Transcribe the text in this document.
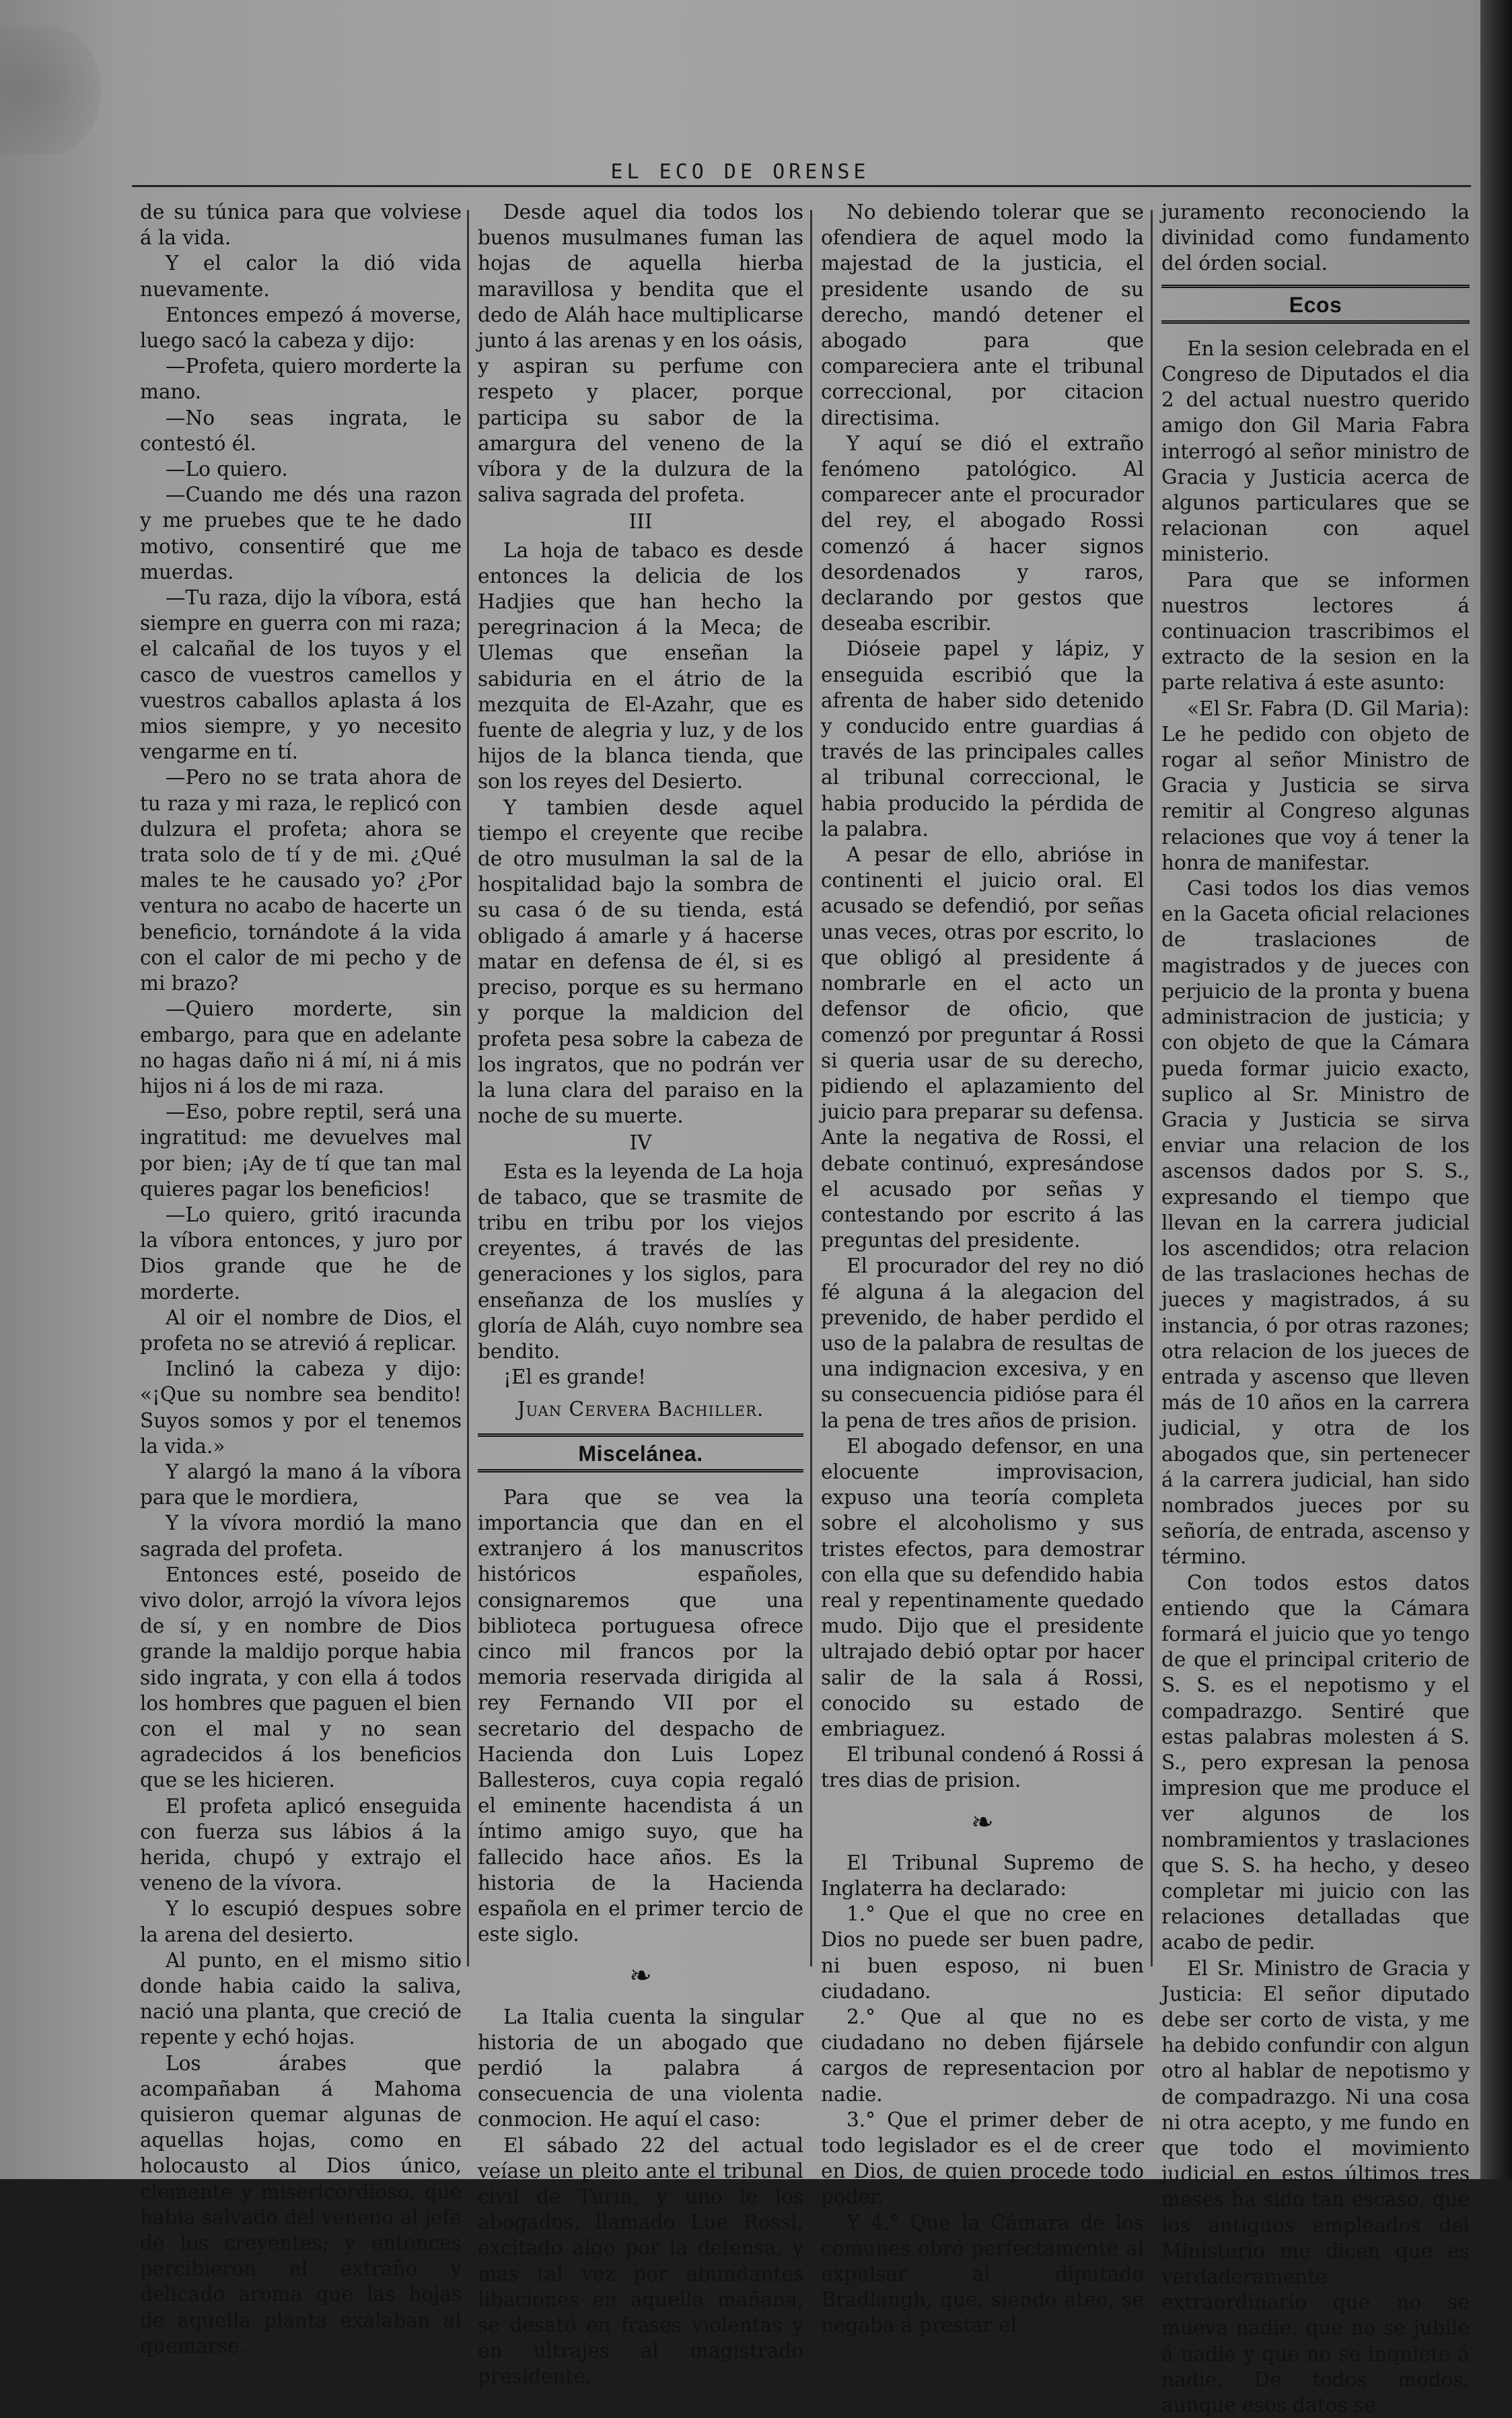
EL ECO DE ORENSE

de su túnica para que volviese á la vida.

Y el calor la dió vida nuevamente.

Entonces empezó á moverse, luego sacó la cabeza y dijo:

—Profeta, quiero morderte la mano.

—No seas ingrata, le contestó él.

—Lo quiero.

—Cuando me dés una razon y me pruebes que te he dado motivo, consentiré que me muerdas.

—Tu raza, dijo la víbora, está siempre en guerra con mi raza; el calcañal de los tuyos y el casco de vuestros camellos y vuestros caballos aplasta á los mios siempre, y yo necesito vengarme en tí.

—Pero no se trata ahora de tu raza y mi raza, le replicó con dulzura el profeta; ahora se trata solo de tí y de mi. ¿Qué males te he causado yo? ¿Por ventura no acabo de hacerte un beneficio, tornándote á la vida con el calor de mi pecho y de mi brazo?

—Quiero morderte, sin embargo, para que en adelante no hagas daño ni á mí, ni á mis hijos ni á los de mi raza.

—Eso, pobre reptil, será una ingratitud: me devuelves mal por bien; ¡Ay de tí que tan mal quieres pagar los beneficios!

—Lo quiero, gritó iracunda la víbora entonces, y juro por Dios grande que he de morderte.

Al oir el nombre de Dios, el profeta no se atrevió á replicar.

Inclinó la cabeza y dijo: «¡Que su nombre sea bendito! Suyos somos y por el tenemos la vida.»

Y alargó la mano á la víbora para que le mordiera,

Y la vívora mordió la mano sagrada del profeta.

Entonces esté, poseido de vivo dolor, arrojó la vívora lejos de sí, y en nombre de Dios grande la maldijo porque habia sido ingrata, y con ella á todos los hombres que paguen el bien con el mal y no sean agradecidos á los beneficios que se les hicieren.

El profeta aplicó enseguida con fuerza sus lábios á la herida, chupó y extrajo el veneno de la vívora.

Y lo escupió despues sobre la arena del desierto.

Al punto, en el mismo sitio donde habia caido la saliva, nació una planta, que creció de repente y echó hojas.

Los árabes que acompañaban á Mahoma quisieron quemar algunas de aquellas hojas, como en holocausto al Dios único, clemente y misericordioso, que habia salvado del veneno al jefe de los creyentes; y entonces percibieron el extraño y delicado aroma que las hojas de aquella planta exalaban al quemarse.

Desde aquel dia todos los buenos musulmanes fuman las hojas de aquella hierba maravillosa y bendita que el dedo de Aláh hace multiplicarse junto á las arenas y en los oásis, y aspiran su perfume con respeto y placer, porque participa su sabor de la amargura del veneno de la víbora y de la dulzura de la saliva sagrada del profeta.

III

La hoja de tabaco es desde entonces la delicia de los Hadjies que han hecho la peregrinacion á la Meca; de Ulemas que enseñan la sabiduria en el átrio de la mezquita de El-Azahr, que es fuente de alegria y luz, y de los hijos de la blanca tienda, que son los reyes del Desierto.

Y tambien desde aquel tiempo el creyente que recibe de otro musulman la sal de la hospitalidad bajo la sombra de su casa ó de su tienda, está obligado á amarle y á hacerse matar en defensa de él, si es preciso, porque es su hermano y porque la maldicion del profeta pesa sobre la cabeza de los ingratos, que no podrán ver la luna clara del paraiso en la noche de su muerte.

IV

Esta es la leyenda de La hoja de tabaco, que se trasmite de tribu en tribu por los viejos creyentes, á través de las generaciones y los siglos, para enseñanza de los muslíes y gloría de Aláh, cuyo nombre sea bendito.

¡El es grande!

Juan Cervera Bachiller.

Miscelánea.

Para que se vea la importancia que dan en el extranjero á los manuscritos históricos españoles, consignaremos que una biblioteca portuguesa ofrece cinco mil francos por la memoria reservada dirigida al rey Fernando VII por el secretario del despacho de Hacienda don Luis Lopez Ballesteros, cuya copia regaló el eminente hacendista á un íntimo amigo suyo, que ha fallecido hace años. Es la historia de la Hacienda española en el primer tercio de este siglo.

❧

La Italia cuenta la singular historia de un abogado que perdió la palabra á consecuencia de una violenta conmocion. He aquí el caso:

El sábado 22 del actual veíase un pleito ante el tribunal civil de Turin, y uno le los abogados, llamado Lue Rossi, excitado algo por la defensa, y mas tal vez por abundantes libaciones en aquella mañana, se desató en frases violentas y en ultrajes al magistrado presidente.

No debiendo tolerar que se ofendiera de aquel modo la majestad de la justicia, el presidente usando de su derecho, mandó detener el abogado para que compareciera ante el tribunal correccional, por citacion directisima.

Y aquí se dió el extraño fenómeno patológico. Al comparecer ante el procurador del rey, el abogado Rossi comenzó á hacer signos desordenados y raros, declarando por gestos que deseaba escribir.

Dióseie papel y lápiz, y enseguida escribió que la afrenta de haber sido detenido y conducido entre guardias á través de las principales calles al tribunal correccional, le habia producido la pérdida de la palabra.

A pesar de ello, abrióse in continenti el juicio oral. El acusado se defendió, por señas unas veces, otras por escrito, lo que obligó al presidente á nombrarle en el acto un defensor de oficio, que comenzó por preguntar á Rossi si queria usar de su derecho, pidiendo el aplazamiento del juicio para preparar su defensa. Ante la negativa de Rossi, el debate continuó, expresándose el acusado por señas y contestando por escrito á las preguntas del presidente.

El procurador del rey no dió fé alguna á la alegacion del prevenido, de haber perdido el uso de la palabra de resultas de una indignacion excesiva, y en su consecuencia pidióse para él la pena de tres años de prision.

El abogado defensor, en una elocuente improvisacion, expuso una teoría completa sobre el alcoholismo y sus tristes efectos, para demostrar con ella que su defendido habia real y repentinamente quedado mudo. Dijo que el presidente ultrajado debió optar por hacer salir de la sala á Rossi, conocido su estado de embriaguez.

El tribunal condenó á Rossi á tres dias de prision.

❧

El Tribunal Supremo de Inglaterra ha declarado:

1.° Que el que no cree en Dios no puede ser buen padre, ni buen esposo, ni buen ciudadano.

2.° Que al que no es ciudadano no deben fijársele cargos de representacion por nadie.

3.° Que el primer deber de todo legislador es el de creer en Dios, de quien procede todo poder.

Y 4.° Que la Cámara de los comunes obró perfectamente al expulsar al diputado Bradlangh, que, siendo ateo, se negaba á prestar el

juramento reconociendo la divinidad como fundamento del órden social.

Ecos

En la sesion celebrada en el Congreso de Diputados el dia 2 del actual nuestro querido amigo don Gil Maria Fabra interrogó al señor ministro de Gracia y Justicia acerca de algunos particulares que se relacionan con aquel ministerio.

Para que se informen nuestros lectores á continuacion trascribimos el extracto de la sesion en la parte relativa á este asunto:

«El Sr. Fabra (D. Gil Maria): Le he pedido con objeto de rogar al señor Ministro de Gracia y Justicia se sirva remitir al Congreso algunas relaciones que voy á tener la honra de manifestar.

Casi todos los dias vemos en la Gaceta oficial relaciones de traslaciones de magistrados y de jueces con perjuicio de la pronta y buena administracion de justicia; y con objeto de que la Cámara pueda formar juicio exacto, suplico al Sr. Ministro de Gracia y Justicia se sirva enviar una relacion de los ascensos dados por S. S., expresando el tiempo que llevan en la carrera judicial los ascendidos; otra relacion de las traslaciones hechas de jueces y magistrados, á su instancia, ó por otras razones; otra relacion de los jueces de entrada y ascenso que lleven más de 10 años en la carrera judicial, y otra de los abogados que, sin pertenecer á la carrera judicial, han sido nombrados jueces por su señoría, de entrada, ascenso y término.

Con todos estos datos entiendo que la Cámara formará el juicio que yo tengo de que el principal criterio de S. S. es el nepotismo y el compadrazgo. Sentiré que estas palabras molesten á S. S., pero expresan la penosa impresion que me produce el ver algunos de los nombramientos y traslaciones que S. S. ha hecho, y deseo completar mi juicio con las relaciones detalladas que acabo de pedir.

El Sr. Ministro de Gracia y Justicia: El señor diputado debe ser corto de vista, y me ha debido confundir con algun otro al hablar de nepotismo y de compadrazgo. Ni una cosa ni otra acepto, y me fundo en que todo el movimiento judicial en estos últimos tres meses ha sido tan escaso, que los antiguos empleados del Ministerio me dicen que es verdaderamente extraordinario que no se mueva nadie, que no se jubile á nadie y que no se inquiete á nadie. De todos modos, aunque esos datos se
